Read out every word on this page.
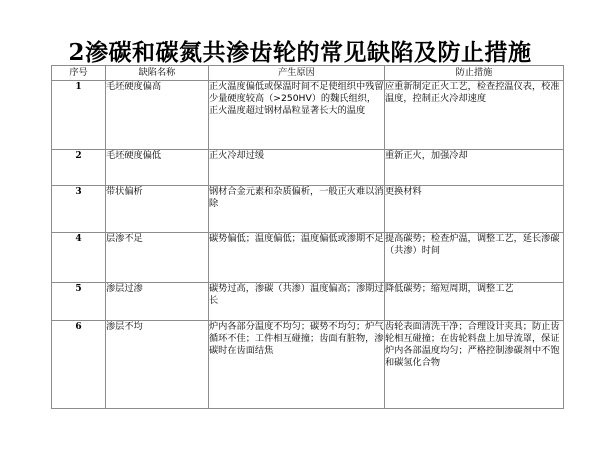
2渗碳和碳氮共渗齿轮的常见缺陷及防止措施
序号	缺陷名称	产生原因	防止措施
1	毛坯硬度偏高	正火温度偏低或保温时间不足使组织中残留少量硬度较高（>250HV）的魏氏组织，正火温度超过钢材晶粒显著长大的温度	应重新制定正火工艺，检查控温仪表，校准温度，控制正火冷却速度
2	毛坯硬度偏低	正火冷却过缓	重新正火，加强冷却
3	带状偏析	钢材合金元素和杂质偏析，一般正火难以消除	更换材料
4	层渗不足	碳势偏低；温度偏低；温度偏低或渗期不足	提高碳势；检查炉温，调整工艺，延长渗碳（共渗）时间
5	渗层过渗	碳势过高，渗碳（共渗）温度偏高；渗期过长	降低碳势；缩短周期，调整工艺
6	渗层不均	炉内各部分温度不均匀；碳势不均匀；炉气循环不佳；工件相互碰撞；齿面有脏物，渗碳时在齿面结焦	齿轮表面清洗干净；合理设计夹具；防止齿轮相互碰撞；在齿轮料盘上加导流罩，保证炉内各部温度均匀；严格控制渗碳剂中不饱和碳氢化合物
